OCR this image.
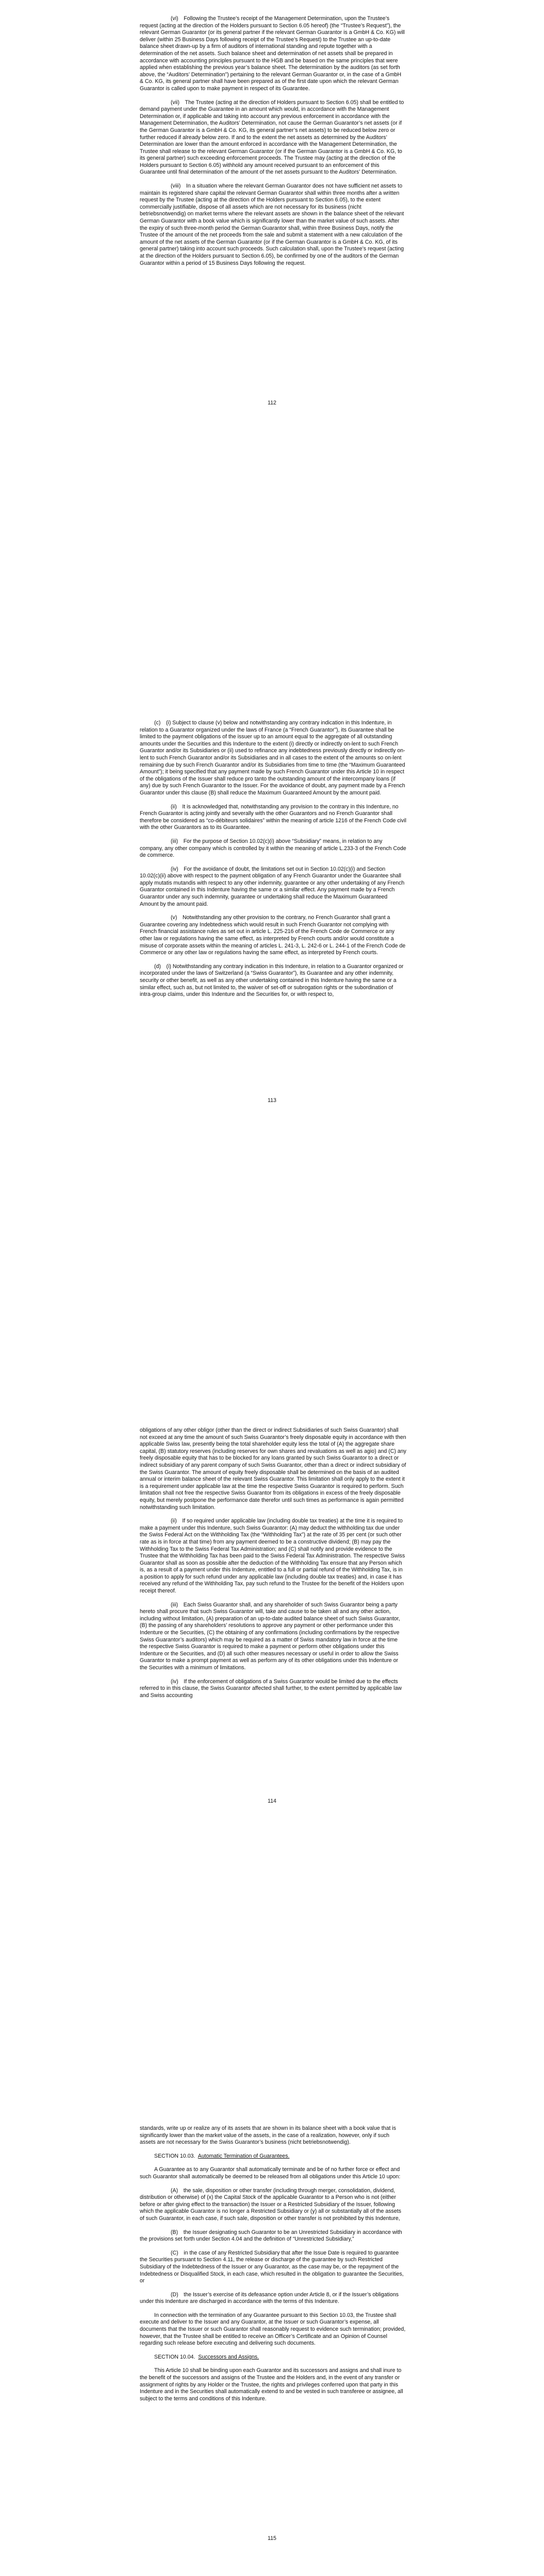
(vi) Following the Trustee’s receipt of the Management Determination, upon the Trustee’s request (acting at the direction of the Holders pursuant to Section 6.05 hereof) (the “Trustee’s Request”), the relevant German Guarantor (or its general partner if the relevant German Guarantor is a GmbH & Co. KG) will deliver (within 25 Business Days following receipt of the Trustee’s Request) to the Trustee an up-to-date balance sheet drawn-up by a firm of auditors of international standing and repute together with a determination of the net assets. Such balance sheet and determination of net assets shall be prepared in accordance with accounting principles pursuant to the HGB and be based on the same principles that were applied when establishing the previous year’s balance sheet. The determination by the auditors (as set forth above, the “Auditors’ Determination”) pertaining to the relevant German Guarantor or, in the case of a GmbH & Co. KG, its general partner shall have been prepared as of the first date upon which the relevant German Guarantor is called upon to make payment in respect of its Guarantee.

(vii) The Trustee (acting at the direction of Holders pursuant to Section 6.05) shall be entitled to demand payment under the Guarantee in an amount which would, in accordance with the Management Determination or, if applicable and taking into account any previous enforcement in accordance with the Management Determination, the Auditors’ Determination, not cause the German Guarantor’s net assets (or if the German Guarantor is a GmbH & Co. KG, its general partner’s net assets) to be reduced below zero or further reduced if already below zero. If and to the extent the net assets as determined by the Auditors’ Determination are lower than the amount enforced in accordance with the Management Determination, the Trustee shall release to the relevant German Guarantor (or if the German Guarantor is a GmbH & Co. KG, to its general partner) such exceeding enforcement proceeds. The Trustee may (acting at the direction of the Holders pursuant to Section 6.05) withhold any amount received pursuant to an enforcement of this Guarantee until final determination of the amount of the net assets pursuant to the Auditors’ Determination.

(viii) In a situation where the relevant German Guarantor does not have sufficient net assets to maintain its registered share capital the relevant German Guarantor shall within three months after a written request by the Trustee (acting at the direction of the Holders pursuant to Section 6.05), to the extent commercially justifiable, dispose of all assets which are not necessary for its business (nicht betriebsnotwendig) on market terms where the relevant assets are shown in the balance sheet of the relevant German Guarantor with a book value which is significantly lower than the market value of such assets. After the expiry of such three-month period the German Guarantor shall, within three Business Days, notify the Trustee of the amount of the net proceeds from the sale and submit a statement with a new calculation of the amount of the net assets of the German Guarantor (or if the German Guarantor is a GmbH & Co. KG, of its general partner) taking into account such proceeds. Such calculation shall, upon the Trustee’s request (acting at the direction of the Holders pursuant to Section 6.05), be confirmed by one of the auditors of the German Guarantor within a period of 15 Business Days following the request.

112

(c) (i) Subject to clause (v) below and notwithstanding any contrary indication in this Indenture, in relation to a Guarantor organized under the laws of France (a “French Guarantor”), its Guarantee shall be limited to the payment obligations of the issuer up to an amount equal to the aggregate of all outstanding amounts under the Securities and this Indenture to the extent (i) directly or indirectly on-lent to such French Guarantor and/or its Subsidiaries or (ii) used to refinance any indebtedness previously directly or indirectly on-lent to such French Guarantor and/or its Subsidiaries and in all cases to the extent of the amounts so on-lent remaining due by such French Guarantor and/or its Subsidiaries from time to time (the “Maximum Guaranteed Amount”); it being specified that any payment made by such French Guarantor under this Article 10 in respect of the obligations of the Issuer shall reduce pro tanto the outstanding amount of the intercompany loans (if any) due by such French Guarantor to the Issuer. For the avoidance of doubt, any payment made by a French Guarantor under this clause (B) shall reduce the Maximum Guaranteed Amount by the amount paid.

(ii) It is acknowledged that, notwithstanding any provision to the contrary in this Indenture, no French Guarantor is acting jointly and severally with the other Guarantors and no French Guarantor shall therefore be considered as “co-débiteurs solidaires” within the meaning of article 1216 of the French Code civil with the other Guarantors as to its Guarantee.

(iii) For the purpose of Section 10.02(c)(i) above “Subsidiary” means, in relation to any company, any other company which is controlled by it within the meaning of article L.233-3 of the French Code de commerce.

(iv) For the avoidance of doubt, the limitations set out in Section 10.02(c)(i) and Section 10.02(c)(ii) above with respect to the payment obligation of any French Guarantor under the Guarantee shall apply mutatis mutandis with respect to any other indemnity, guarantee or any other undertaking of any French Guarantor contained in this Indenture having the same or a similar effect. Any payment made by a French Guarantor under any such indemnity, guarantee or undertaking shall reduce the Maximum Guaranteed Amount by the amount paid.

(v) Notwithstanding any other provision to the contrary, no French Guarantor shall grant a Guarantee covering any Indebtedness which would result in such French Guarantor not complying with French financial assistance rules as set out in article L. 225-216 of the French Code de Commerce or any other law or regulations having the same effect, as interpreted by French courts and/or would constitute a misuse of corporate assets within the meaning of articles L. 241-3, L. 242-6 or L. 244-1 of the French Code de Commerce or any other law or regulations having the same effect, as interpreted by French courts.

(d) (i) Notwithstanding any contrary indication in this Indenture, in relation to a Guarantor organized or incorporated under the laws of Switzerland (a “Swiss Guarantor”), its Guarantee and any other indemnity, security or other benefit, as well as any other undertaking contained in this Indenture having the same or a similar effect, such as, but not limited to, the waiver of set-off or subrogation rights or the subordination of intra-group claims, under this Indenture and the Securities for, or with respect to,

113

obligations of any other obligor (other than the direct or indirect Subsidiaries of such Swiss Guarantor) shall not exceed at any time the amount of such Swiss Guarantor’s freely disposable equity in accordance with then applicable Swiss law, presently being the total shareholder equity less the total of (A) the aggregate share capital, (B) statutory reserves (including reserves for own shares and revaluations as well as agio) and (C) any freely disposable equity that has to be blocked for any loans granted by such Swiss Guarantor to a direct or indirect subsidiary of any parent company of such Swiss Guarantor, other than a direct or indirect subsidiary of the Swiss Guarantor. The amount of equity freely disposable shall be determined on the basis of an audited annual or interim balance sheet of the relevant Swiss Guarantor. This limitation shall only apply to the extent it is a requirement under applicable law at the time the respective Swiss Guarantor is required to perform. Such limitation shall not free the respective Swiss Guarantor from its obligations in excess of the freely disposable equity, but merely postpone the performance date therefor until such times as performance is again permitted notwithstanding such limitation.

(ii) If so required under applicable law (including double tax treaties) at the time it is required to make a payment under this Indenture, such Swiss Guarantor: (A) may deduct the withholding tax due under the Swiss Federal Act on the Withholding Tax (the “Withholding Tax”) at the rate of 35 per cent (or such other rate as is in force at that time) from any payment deemed to be a constructive dividend; (B) may pay the Withholding Tax to the Swiss Federal Tax Administration; and (C) shall notify and provide evidence to the Trustee that the Withholding Tax has been paid to the Swiss Federal Tax Administration. The respective Swiss Guarantor shall as soon as possible after the deduction of the Withholding Tax ensure that any Person which is, as a result of a payment under this Indenture, entitled to a full or partial refund of the Withholding Tax, is in a position to apply for such refund under any applicable law (including double tax treaties) and, in case it has received any refund of the Withholding Tax, pay such refund to the Trustee for the benefit of the Holders upon receipt thereof.

(iii) Each Swiss Guarantor shall, and any shareholder of such Swiss Guarantor being a party hereto shall procure that such Swiss Guarantor will, take and cause to be taken all and any other action, including without limitation, (A) preparation of an up-to-date audited balance sheet of such Swiss Guarantor, (B) the passing of any shareholders’ resolutions to approve any payment or other performance under this Indenture or the Securities, (C) the obtaining of any confirmations (including confirmations by the respective Swiss Guarantor’s auditors) which may be required as a matter of Swiss mandatory law in force at the time the respective Swiss Guarantor is required to make a payment or perform other obligations under this Indenture or the Securities, and (D) all such other measures necessary or useful in order to allow the Swiss Guarantor to make a prompt payment as well as perform any of its other obligations under this Indenture or the Securities with a minimum of limitations.

(iv) If the enforcement of obligations of a Swiss Guarantor would be limited due to the effects referred to in this clause, the Swiss Guarantor affected shall further, to the extent permitted by applicable law and Swiss accounting

114

standards, write up or realize any of its assets that are shown in its balance sheet with a book value that is significantly lower than the market value of the assets, in the case of a realization, however, only if such assets are not necessary for the Swiss Guarantor’s business (nicht betriebsnotwendig).

SECTION 10.03. Automatic Termination of Guarantees.

A Guarantee as to any Guarantor shall automatically terminate and be of no further force or effect and such Guarantor shall automatically be deemed to be released from all obligations under this Article 10 upon:

(A) the sale, disposition or other transfer (including through merger, consolidation, dividend, distribution or otherwise) of (x) the Capital Stock of the applicable Guarantor to a Person who is not (either before or after giving effect to the transaction) the Issuer or a Restricted Subsidiary of the Issuer, following which the applicable Guarantor is no longer a Restricted Subsidiary or (y) all or substantially all of the assets of such Guarantor, in each case, if such sale, disposition or other transfer is not prohibited by this Indenture,

(B) the Issuer designating such Guarantor to be an Unrestricted Subsidiary in accordance with the provisions set forth under Section 4.04 and the definition of “Unrestricted Subsidiary,”

(C) in the case of any Restricted Subsidiary that after the Issue Date is required to guarantee the Securities pursuant to Section 4.11, the release or discharge of the guarantee by such Restricted Subsidiary of the Indebtedness of the Issuer or any Guarantor, as the case may be, or the repayment of the Indebtedness or Disqualified Stock, in each case, which resulted in the obligation to guarantee the Securities, or

(D) the Issuer’s exercise of its defeasance option under Article 8, or if the Issuer’s obligations under this Indenture are discharged in accordance with the terms of this Indenture.

In connection with the termination of any Guarantee pursuant to this Section 10.03, the Trustee shall execute and deliver to the Issuer and any Guarantor, at the Issuer or such Guarantor’s expense, all documents that the Issuer or such Guarantor shall reasonably request to evidence such termination; provided, however, that the Trustee shall be entitled to receive an Officer’s Certificate and an Opinion of Counsel regarding such release before executing and delivering such documents.

SECTION 10.04. Successors and Assigns.

This Article 10 shall be binding upon each Guarantor and its successors and assigns and shall inure to the benefit of the successors and assigns of the Trustee and the Holders and, in the event of any transfer or assignment of rights by any Holder or the Trustee, the rights and privileges conferred upon that party in this Indenture and in the Securities shall automatically extend to and be vested in such transferee or assignee, all subject to the terms and conditions of this Indenture.

115
